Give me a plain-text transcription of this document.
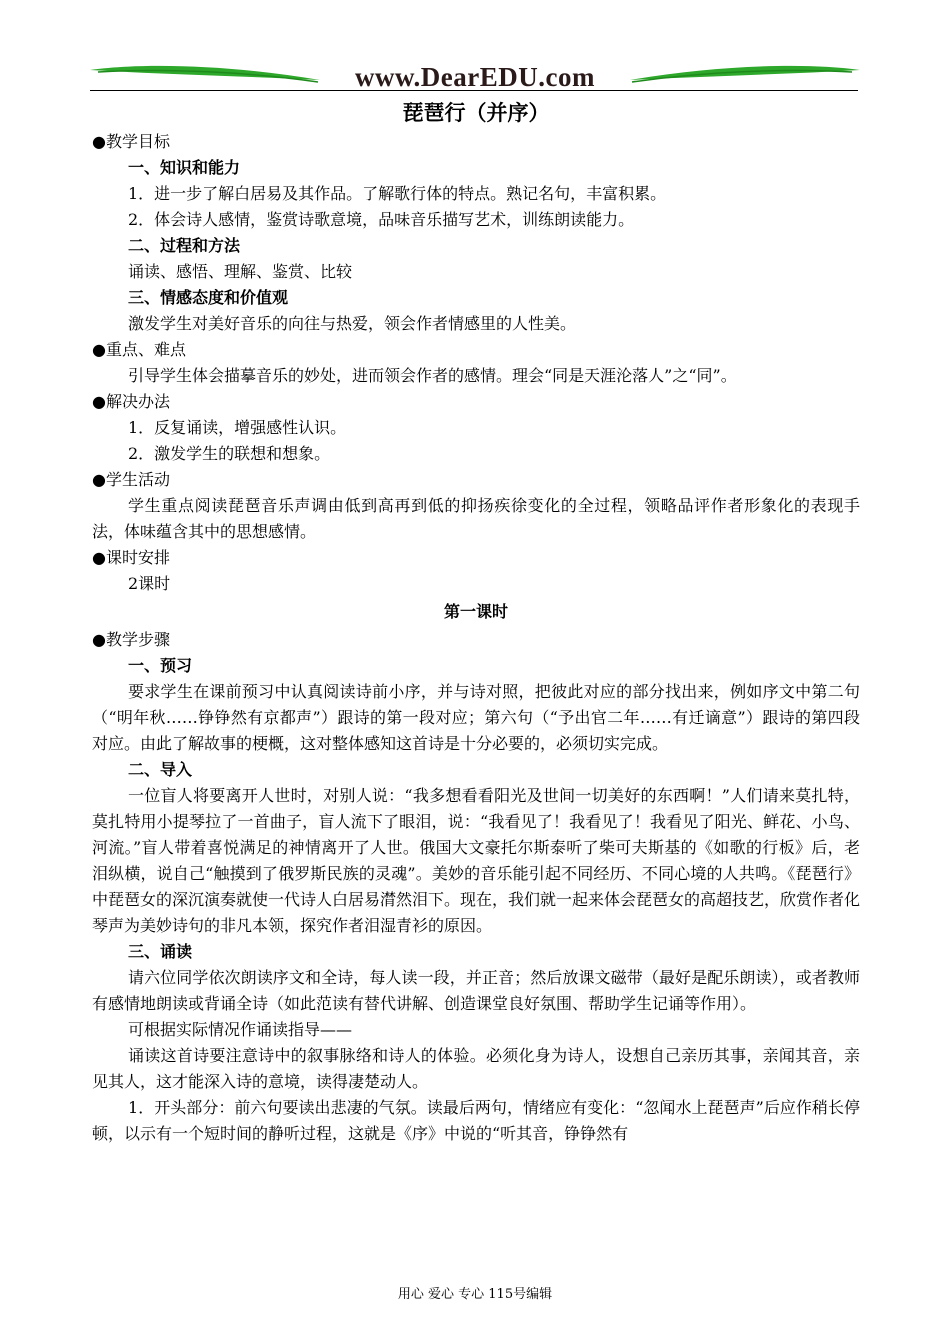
www.DearEDU.com
琵琶行（并序）

●教学目标

一、知识和能力

1．进一步了解白居易及其作品。了解歌行体的特点。熟记名句，丰富积累。

2．体会诗人感情，鉴赏诗歌意境，品味音乐描写艺术，训练朗读能力。

二、过程和方法

诵读、感悟、理解、鉴赏、比较

三、情感态度和价值观

激发学生对美好音乐的向往与热爱，领会作者情感里的人性美。

●重点、难点

引导学生体会描摹音乐的妙处，进而领会作者的感情。理会“同是天涯沦落人”之“同”。

●解决办法

1．反复诵读，增强感性认识。

2．激发学生的联想和想象。

●学生活动

学生重点阅读琵琶音乐声调由低到高再到低的抑扬疾徐变化的全过程，领略品评作者形象化的表现手法，体味蕴含其中的思想感情。

●课时安排

2课时

第一课时

●教学步骤

一、预习

要求学生在课前预习中认真阅读诗前小序，并与诗对照，把彼此对应的部分找出来，例如序文中第二句（“明年秋……铮铮然有京都声”）跟诗的第一段对应；第六句（“予出官二年……有迁谪意”）跟诗的第四段对应。由此了解故事的梗概，这对整体感知这首诗是十分必要的，必须切实完成。

二、导入

一位盲人将要离开人世时，对别人说：“我多想看看阳光及世间一切美好的东西啊！”人们请来莫扎特，莫扎特用小提琴拉了一首曲子，盲人流下了眼泪，说：“我看见了！我看见了！我看见了阳光、鲜花、小鸟、河流。”盲人带着喜悦满足的神情离开了人世。俄国大文豪托尔斯泰听了柴可夫斯基的《如歌的行板》后，老泪纵横，说自己“触摸到了俄罗斯民族的灵魂”。美妙的音乐能引起不同经历、不同心境的人共鸣。《琵琶行》中琵琶女的深沉演奏就使一代诗人白居易潸然泪下。现在，我们就一起来体会琵琶女的高超技艺，欣赏作者化琴声为美妙诗句的非凡本领，探究作者泪湿青衫的原因。

三、诵读

请六位同学依次朗读序文和全诗，每人读一段，并正音；然后放课文磁带（最好是配乐朗读），或者教师有感情地朗读或背诵全诗（如此范读有替代讲解、创造课堂良好氛围、帮助学生记诵等作用）。

可根据实际情况作诵读指导——

诵读这首诗要注意诗中的叙事脉络和诗人的体验。必须化身为诗人，设想自己亲历其事，亲闻其音，亲见其人，这才能深入诗的意境，读得凄楚动人。

1．开头部分：前六句要读出悲凄的气氛。读最后两句，情绪应有变化：“忽闻水上琵琶声”后应作稍长停顿，以示有一个短时间的静听过程，这就是《序》中说的“听其音，铮铮然有

用心 爱心 专心 115号编辑
